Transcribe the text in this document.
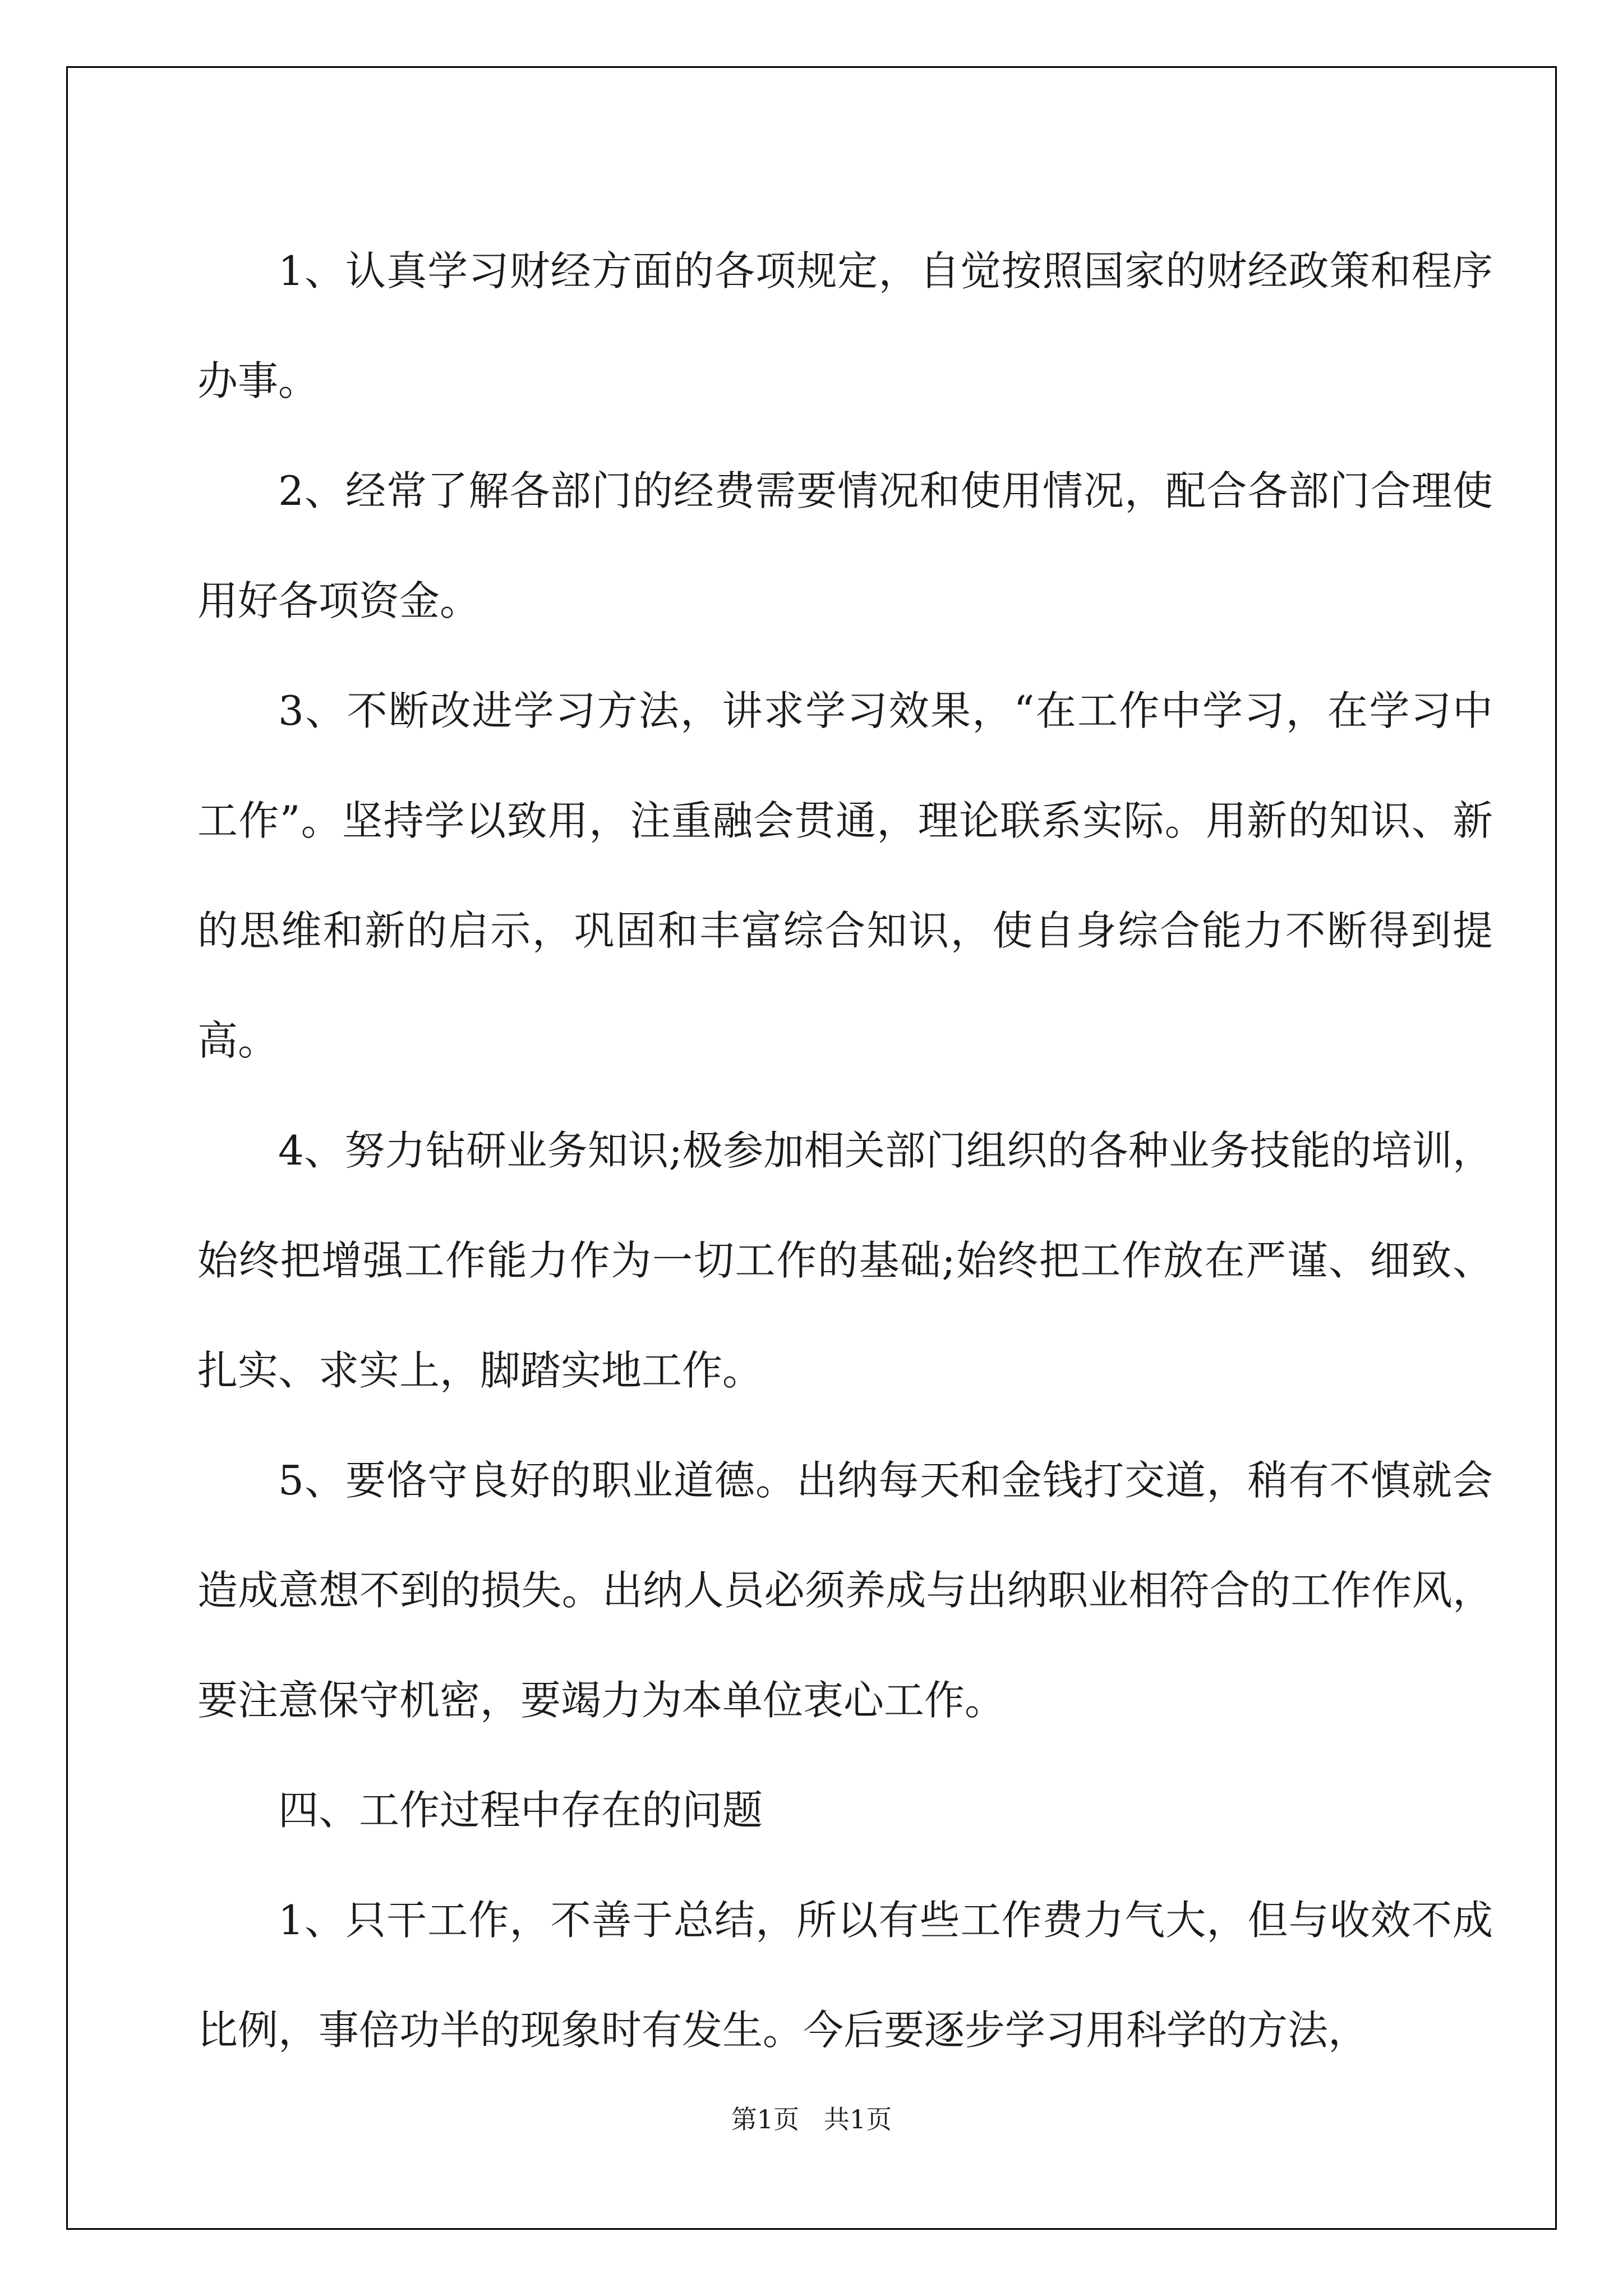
1、认真学习财经方面的各项规定，自觉按照国家的财经政策和程序办事。

2、经常了解各部门的经费需要情况和使用情况，配合各部门合理使用好各项资金。

3、不断改进学习方法，讲求学习效果，“在工作中学习，在学习中工作”。坚持学以致用，注重融会贯通，理论联系实际。用新的知识、新的思维和新的启示，巩固和丰富综合知识，使自身综合能力不断得到提高。

4、努力钻研业务知识;极参加相关部门组织的各种业务技能的培训，始终把增强工作能力作为一切工作的基础;始终把工作放在严谨、细致、扎实、求实上，脚踏实地工作。

5、要恪守良好的职业道德。出纳每天和金钱打交道，稍有不慎就会造成意想不到的损失。出纳人员必须养成与出纳职业相符合的工作作风，要注意保守机密，要竭力为本单位衷心工作。

四、工作过程中存在的问题

1、只干工作，不善于总结，所以有些工作费力气大，但与收效不成比例，事倍功半的现象时有发生。今后要逐步学习用科学的方法，

第1页   共1页
